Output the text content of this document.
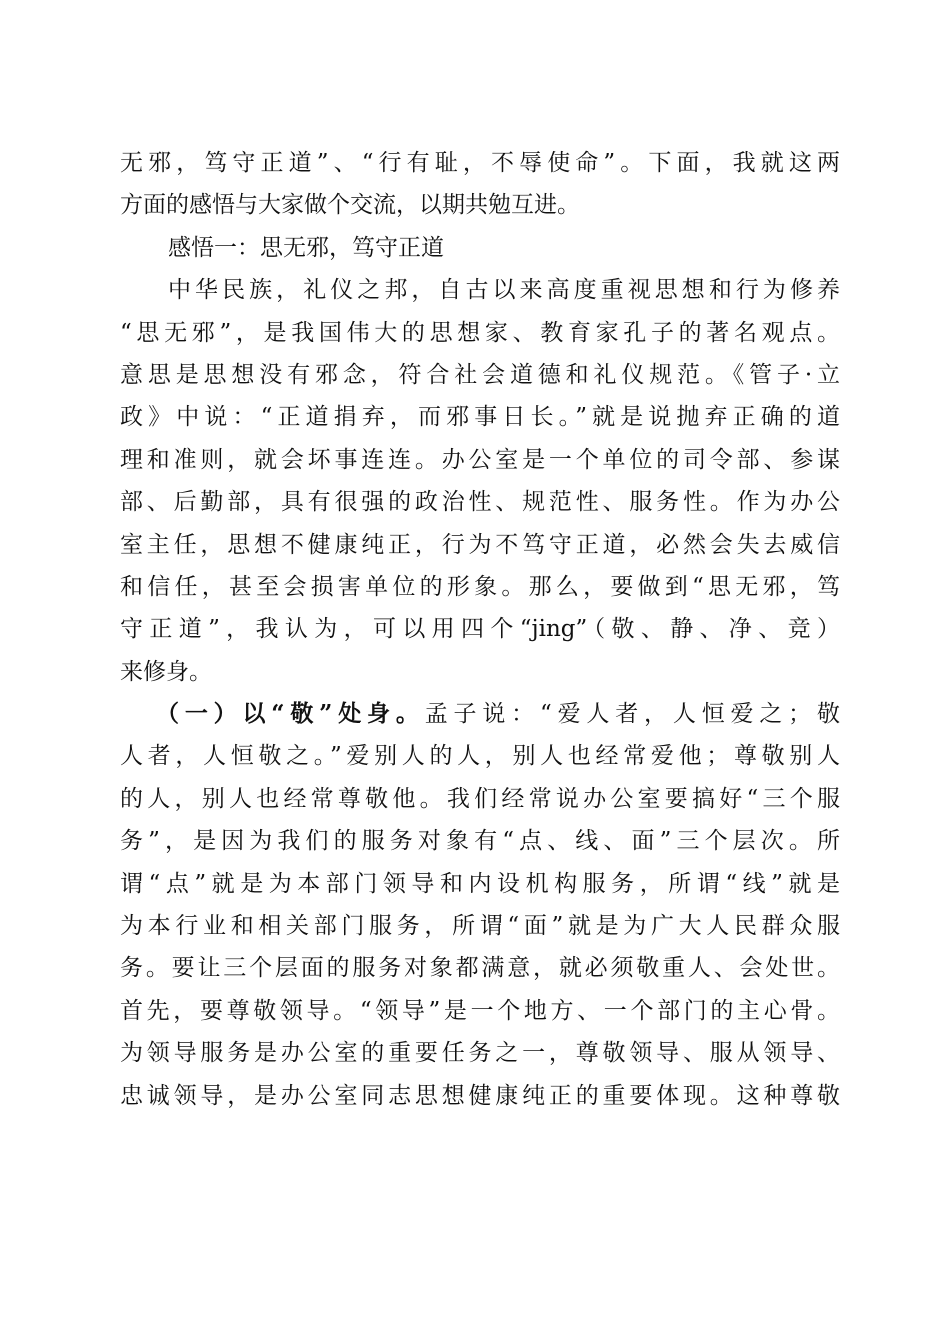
无邪，笃守正道”、“行有耻，不辱使命”。下面，我就这两
方面的感悟与大家做个交流，以期共勉互进。
感悟一：思无邪，笃守正道
中华民族，礼仪之邦，自古以来高度重视思想和行为修养
“思无邪”，是我国伟大的思想家、教育家孔子的著名观点。
意思是思想没有邪念，符合社会道德和礼仪规范。《管子·立
政》中说：“正道捐弃，而邪事日长。”就是说抛弃正确的道
理和准则，就会坏事连连。办公室是一个单位的司令部、参谋
部、后勤部，具有很强的政治性、规范性、服务性。作为办公
室主任，思想不健康纯正，行为不笃守正道，必然会失去威信
和信任，甚至会损害单位的形象。那么，要做到“思无邪，笃
守正道”，我认为，可以用四个“jing”（敬、静、净、竞）
来修身。
（一）以“敬”处身。孟子说：“爱人者，人恒爱之；敬
人者，人恒敬之。”爱别人的人，别人也经常爱他；尊敬别人
的人，别人也经常尊敬他。我们经常说办公室要搞好“三个服
务”，是因为我们的服务对象有“点、线、面”三个层次。所
谓“点”就是为本部门领导和内设机构服务，所谓“线”就是
为本行业和相关部门服务，所谓“面”就是为广大人民群众服
务。要让三个层面的服务对象都满意，就必须敬重人、会处世。
首先，要尊敬领导。“领导”是一个地方、一个部门的主心骨。
为领导服务是办公室的重要任务之一，尊敬领导、服从领导、
忠诚领导，是办公室同志思想健康纯正的重要体现。这种尊敬
